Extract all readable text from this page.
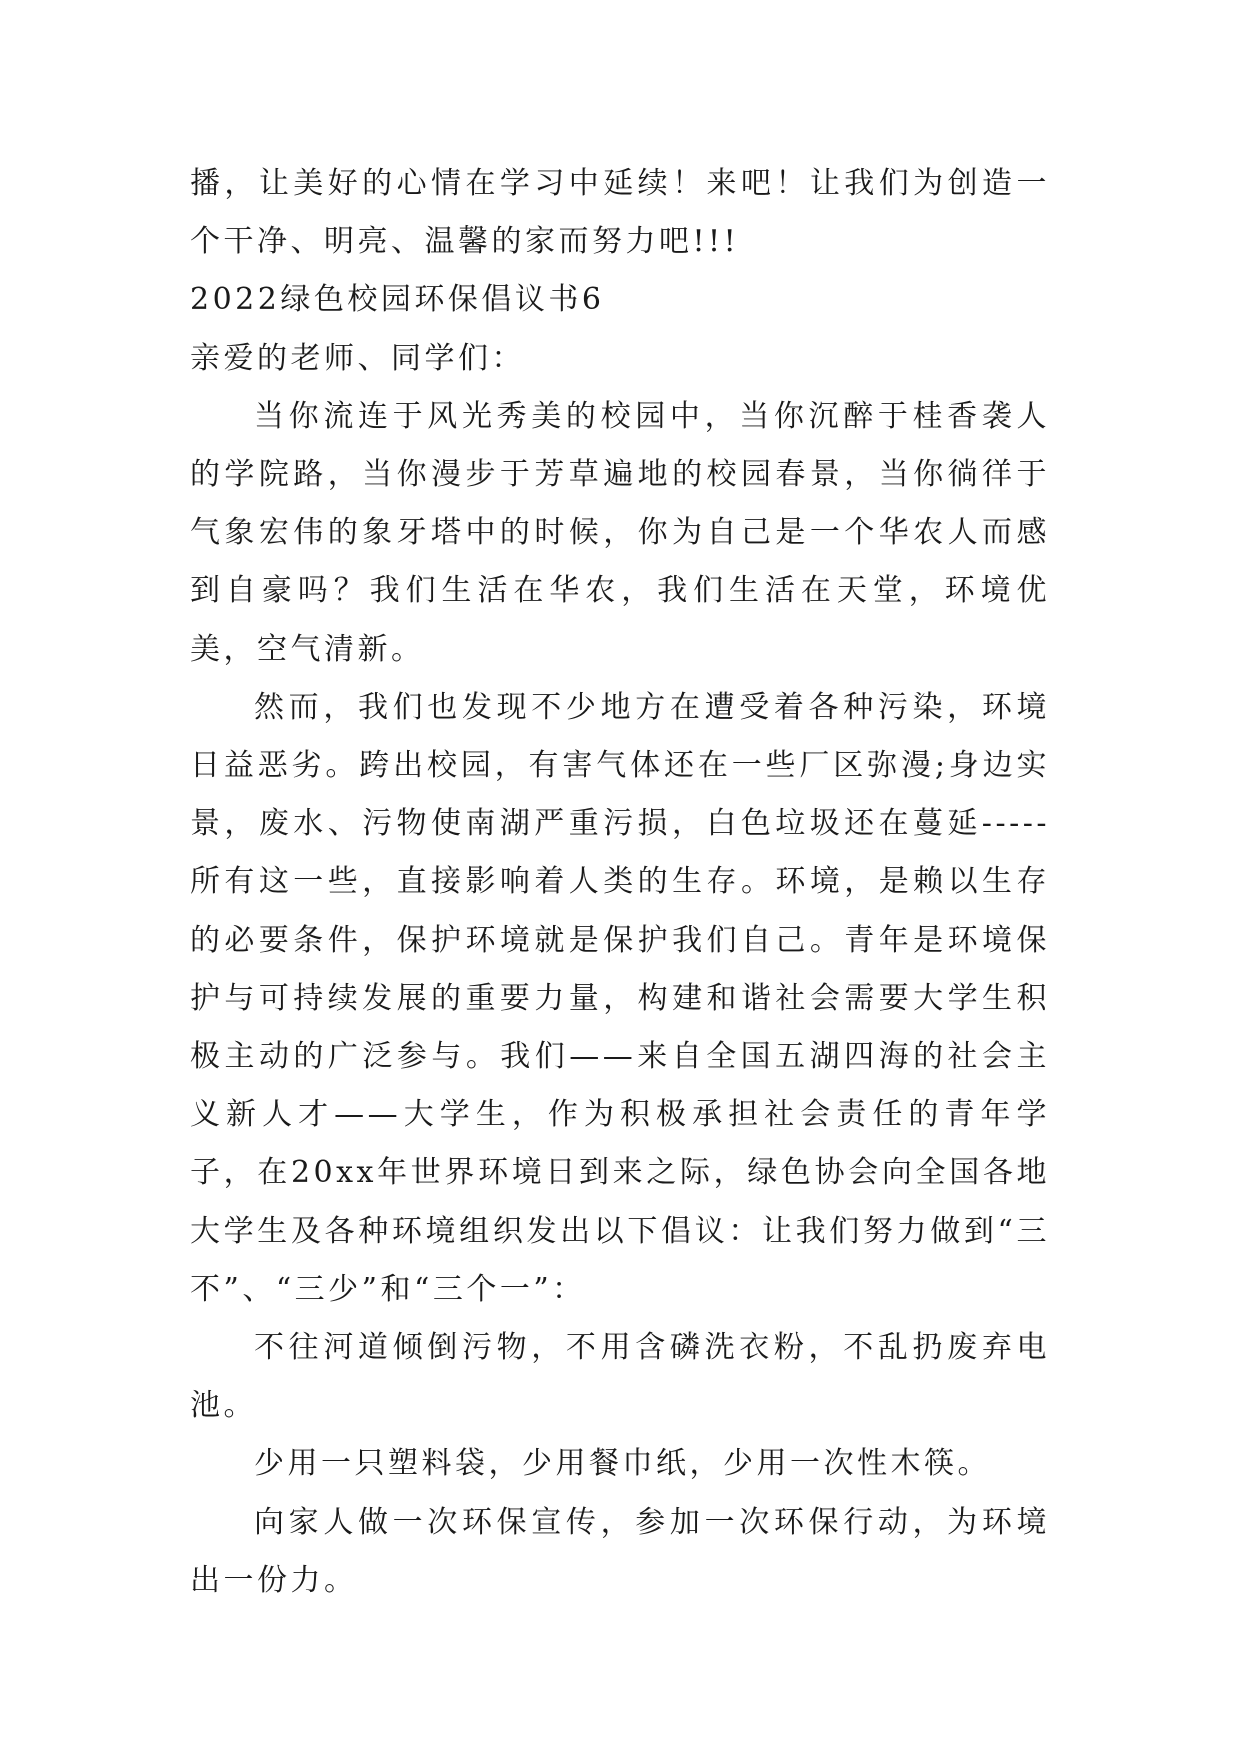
播，让美好的心情在学习中延续！来吧！让我们为创造一个干净、明亮、温馨的家而努力吧!!!

2022绿色校园环保倡议书6

亲爱的老师、同学们：

当你流连于风光秀美的校园中，当你沉醉于桂香袭人的学院路，当你漫步于芳草遍地的校园春景，当你徜徉于气象宏伟的象牙塔中的时候，你为自己是一个华农人而感到自豪吗？我们生活在华农，我们生活在天堂，环境优美，空气清新。

然而，我们也发现不少地方在遭受着各种污染，环境日益恶劣。跨出校园，有害气体还在一些厂区弥漫;身边实景，废水、污物使南湖严重污损，白色垃圾还在蔓延-----所有这一些，直接影响着人类的生存。环境，是赖以生存的必要条件，保护环境就是保护我们自己。青年是环境保护与可持续发展的重要力量，构建和谐社会需要大学生积极主动的广泛参与。我们——来自全国五湖四海的社会主义新人才——大学生，作为积极承担社会责任的青年学子，在20xx年世界环境日到来之际，绿色协会向全国各地大学生及各种环境组织发出以下倡议：让我们努力做到“三不”、“三少”和“三个一”：

不往河道倾倒污物，不用含磷洗衣粉，不乱扔废弃电池。

少用一只塑料袋，少用餐巾纸，少用一次性木筷。

向家人做一次环保宣传，参加一次环保行动，为环境出一份力。
